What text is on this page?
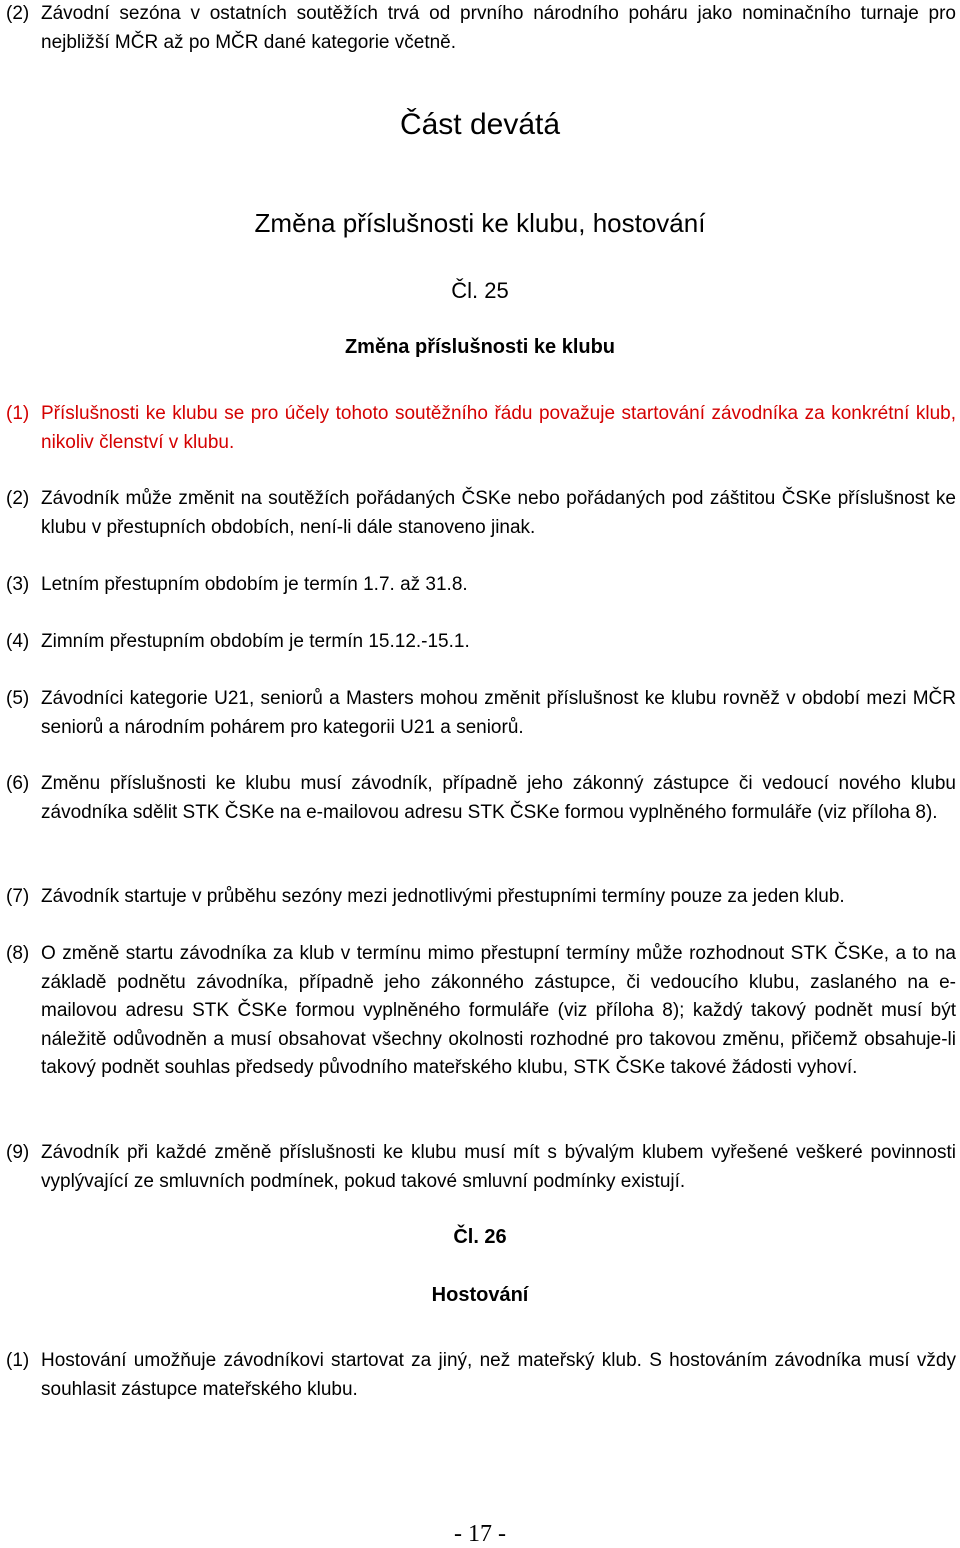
(2) Závodní sezóna v ostatních soutěžích trvá od prvního národního poháru jako nominačního turnaje pro nejbližší MČR až po MČR dané kategorie včetně.
Část devátá
Změna příslušnosti ke klubu, hostování
Čl. 25
Změna příslušnosti ke klubu
(1) Příslušnosti ke klubu se pro účely tohoto soutěžního řádu považuje startování závodníka za konkrétní klub, nikoliv členství v klubu.
(2) Závodník může změnit na soutěžích pořádaných ČSKe nebo pořádaných pod záštitou ČSKe příslušnost ke klubu v přestupních obdobích, není-li dále stanoveno jinak.
(3) Letním přestupním obdobím je termín 1.7. až 31.8.
(4) Zimním přestupním obdobím je termín 15.12.-15.1.
(5) Závodníci kategorie U21, seniorů a Masters mohou změnit příslušnost ke klubu rovněž v období mezi MČR seniorů a národním pohárem pro kategorii U21 a seniorů.
(6) Změnu příslušnosti ke klubu musí závodník, případně jeho zákonný zástupce či vedoucí nového klubu závodníka sdělit STK ČSKe na e-mailovou adresu STK ČSKe formou vyplněného formuláře (viz příloha 8).
(7) Závodník startuje v průběhu sezóny mezi jednotlivými přestupními termíny pouze za jeden klub.
(8) O změně startu závodníka za klub v termínu mimo přestupní termíny může rozhodnout STK ČSKe, a to na základě podnětu závodníka, případně jeho zákonného zástupce, či vedoucího klubu, zaslaného na e-mailovou adresu STK ČSKe formou vyplněného formuláře (viz příloha 8); každý takový podnět musí být náležitě odůvodněn a musí obsahovat všechny okolnosti rozhodné pro takovou změnu, přičemž obsahuje-li takový podnět souhlas předsedy původního mateřského klubu, STK ČSKe takové žádosti vyhoví.
(9) Závodník při každé změně příslušnosti ke klubu musí mít s bývalým klubem vyřešené veškeré povinnosti vyplývající ze smluvních podmínek, pokud takové smluvní podmínky existují.
Čl. 26
Hostování
(1) Hostování umožňuje závodníkovi startovat za jiný, než mateřský klub. S hostováním závodníka musí vždy souhlasit zástupce mateřského klubu.
- 17 -
